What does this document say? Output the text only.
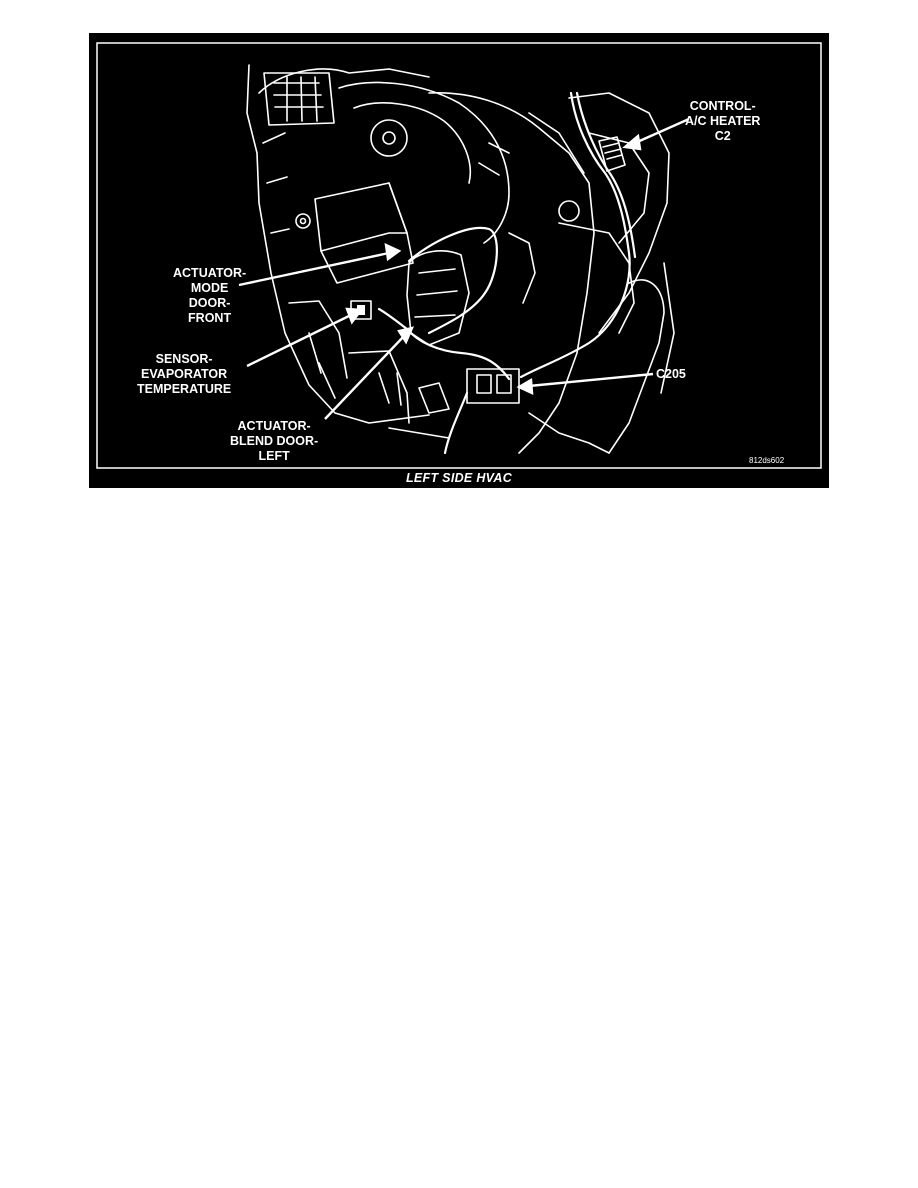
CONTROL-
A/C HEATER
C2
ACTUATOR-
MODE
DOOR-
FRONT
SENSOR-
EVAPORATOR
TEMPERATURE
ACTUATOR-
BLEND DOOR-
LEFT
C205
812ds602
LEFT SIDE HVAC
